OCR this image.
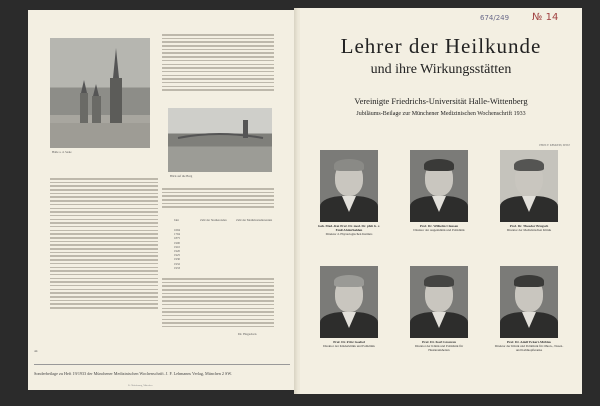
Halle a. d. Saale
Blick auf die Burg
Jahr	Zahl der Studierenden	Zahl der Medizinstudierenden
1694
1794
1875
1900
1910
1920
1925
1930
1932
1933
Dr. Hagedorn
44
Sonderbeilage zu Heft 19/1933 der Münchener Medizinischen Wochenschrift. J. F. Lehmanns Verlag, München 2 SW.
R. Oldenbourg, München
674/249 № 14
Lehrer der Heilkunde
und ihre Wirkungsstätten
Vereinigte Friedrichs-Universität Halle-Wittenberg
Jubiläums-Beilage zur Münchener Medizinischen Wochenschrift 1933
PHOT. F. KEMLEIN, ZEITZ
Geh. Med.-Rat Prof. Dr. med. Dr. phil. h. c. Emil Abderhalden
Direktor d. Physiologischen Instituts
Prof. Dr. Wilhelm Clausen
Direktor der Augenklinik und Poliklinik
Prof. Dr. Theodor Brugsch
Direktor der Medizinischen Klinik
Prof. Dr. Fritz Goebel
Direktor der Kinderklinik und Poliklinik
Prof. Dr. Karl Grouven
Direktor der Klinik und Poliklinik für Hautkrankheiten
Prof. Dr. Adolf Eckert-Möbius
Direktor der Klinik und Poliklinik für Ohren-, Nasen- und Kehlkopfkranke
